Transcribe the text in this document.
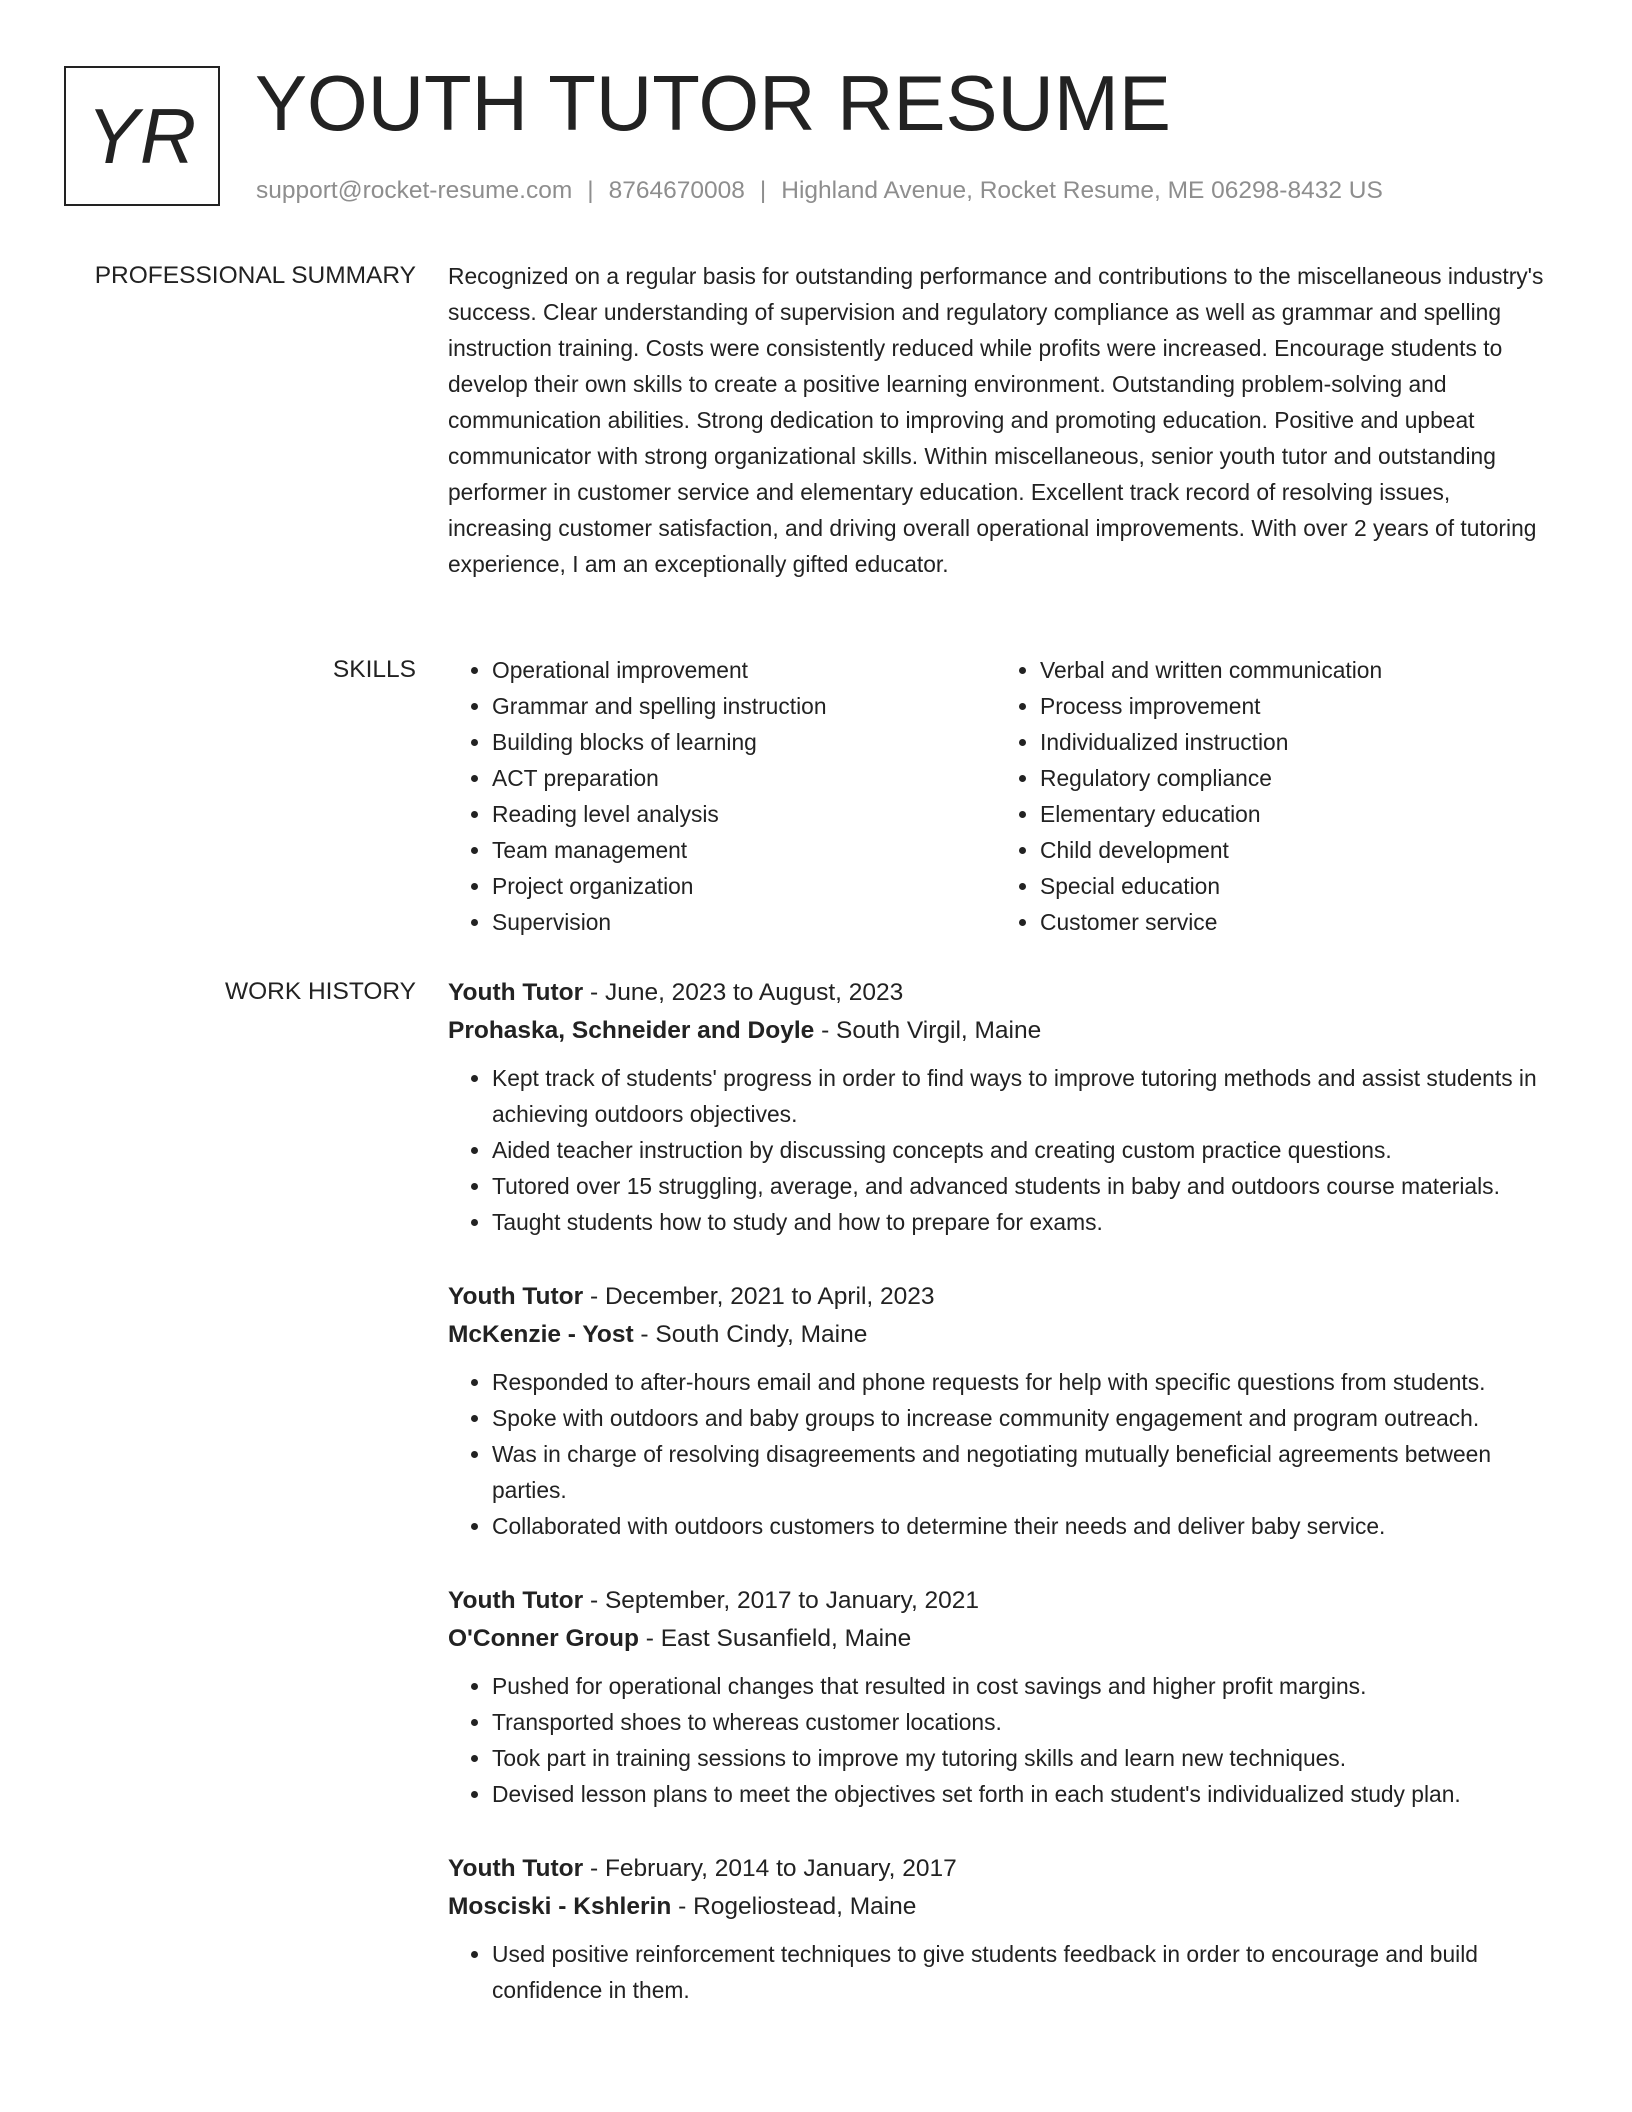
YR YOUTH TUTOR RESUME
support@rocket-resume.com | 8764670008 | Highland Avenue, Rocket Resume, ME 06298-8432 US
PROFESSIONAL SUMMARY Recognized on a regular basis for outstanding performance and contributions to the miscellaneous industry's success. Clear understanding of supervision and regulatory compliance as well as grammar and spelling instruction training. Costs were consistently reduced while profits were increased. Encourage students to develop their own skills to create a positive learning environment. Outstanding problem-solving and communication abilities. Strong dedication to improving and promoting education. Positive and upbeat communicator with strong organizational skills. Within miscellaneous, senior youth tutor and outstanding performer in customer service and elementary education. Excellent track record of resolving issues, increasing customer satisfaction, and driving overall operational improvements. With over 2 years of tutoring experience, I am an exceptionally gifted educator.

SKILLS
•	Operational improvement
• Grammar and spelling instruction
• Building blocks of learning
• ACT preparation
• Reading level analysis
• Team management
• Project organization
• Supervision
• Verbal and written communication
• Process improvement
• Individualized instruction
• Regulatory compliance
• Elementary education
• Child development
• Special education
• Customer service
WORK HISTORY Youth Tutor - June, 2023 to August, 2023
Prohaska, Schneider and Doyle - South Virgil, Maine
• Kept track of students' progress in order to find ways to improve tutoring methods and assist students in achieving outdoors objectives.
• Aided teacher instruction by discussing concepts and creating custom practice questions.
• Tutored over 15 struggling, average, and advanced students in baby and outdoors course materials.
• Taught students how to study and how to prepare for exams.
Youth Tutor - December, 2021 to April, 2023
McKenzie - Yost - South Cindy, Maine
• Responded to after-hours email and phone requests for help with specific questions from students.
• Spoke with outdoors and baby groups to increase community engagement and program outreach.
• Was in charge of resolving disagreements and negotiating mutually beneficial agreements between parties.
• Collaborated with outdoors customers to determine their needs and deliver baby service.
Youth Tutor - September, 2017 to January, 2021
O'Conner Group - East Susanfield, Maine
• Pushed for operational changes that resulted in cost savings and higher profit margins.
• Transported shoes to whereas customer locations.
• Took part in training sessions to improve my tutoring skills and learn new techniques.
• Devised lesson plans to meet the objectives set forth in each student's individualized study plan.
Youth Tutor - February, 2014 to January, 2017
Mosciski - Kshlerin - Rogeliostead, Maine
• Used positive reinforcement techniques to give students feedback in order to encourage and build confidence in them.
